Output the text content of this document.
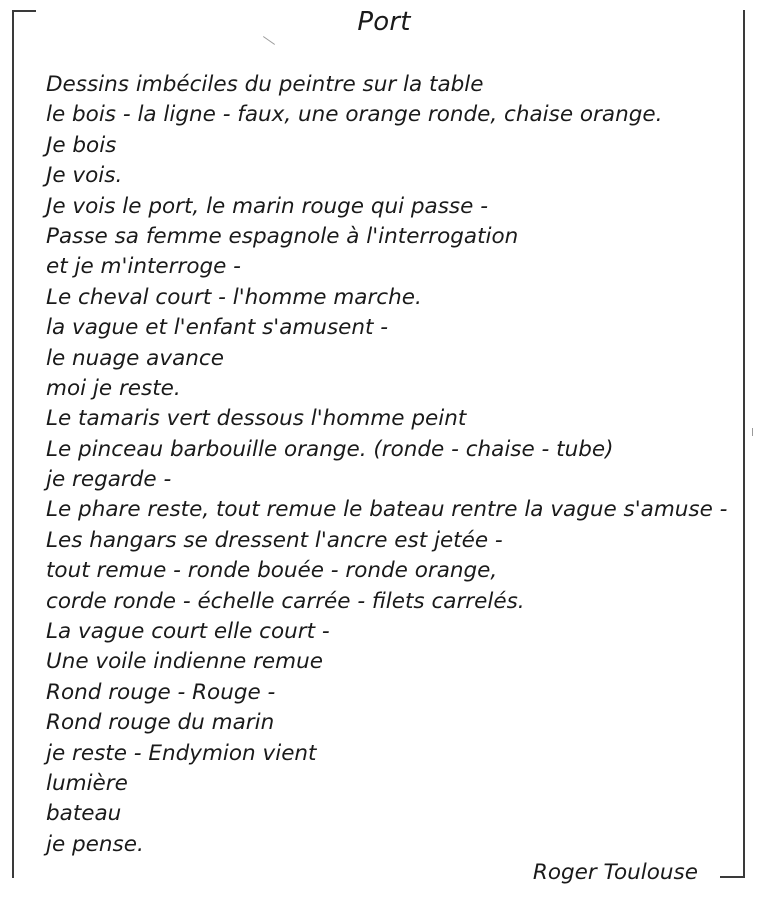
Port
Dessins imbéciles du peintre sur la table
le bois - la ligne - faux, une orange ronde, chaise orange.
Je bois
Je vois.
Je vois le port, le marin rouge qui passe -
Passe sa femme espagnole à l'interrogation
et je m'interroge -
Le cheval court - l'homme marche.
la vague et l'enfant s'amusent -
le nuage avance
moi je reste.
Le tamaris vert dessous l'homme peint
Le pinceau barbouille orange. (ronde - chaise - tube)
je regarde -
Le phare reste, tout remue le bateau rentre la vague s'amuse -
Les hangars se dressent l'ancre est jetée -
tout remue - ronde bouée - ronde orange,
corde ronde - échelle carrée - filets carrelés.
La vague court elle court -
Une voile indienne remue
Rond rouge - Rouge -
Rond rouge du marin
je reste - Endymion vient
lumière
bateau
je pense.
Roger Toulouse
